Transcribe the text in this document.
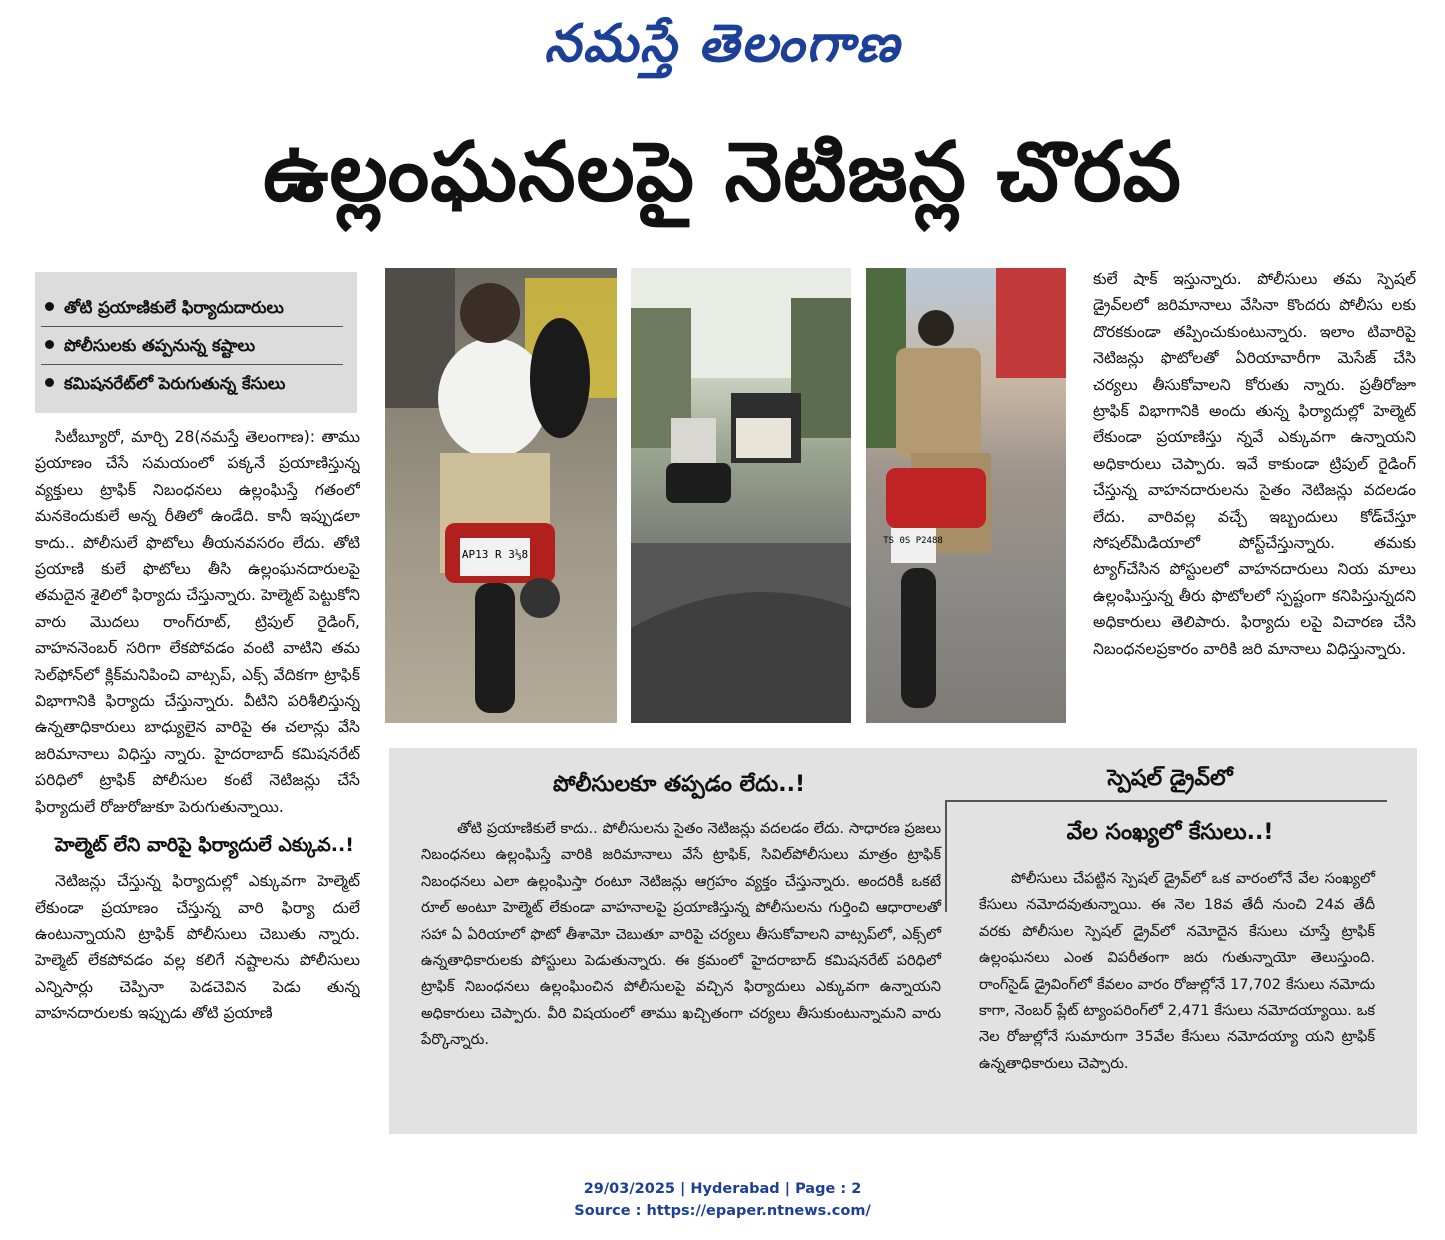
నమస్తే తెలంగాణ
ఉల్లంఘనలపై నెటిజన్ల చొరవ
తోటి ప్రయాణికులే ఫిర్యాదుదారులు
పోలీసులకు తప్పనున్న కష్టాలు
కమిషనరేట్‌లో పెరుగుతున్న కేసులు

సిటీబ్యూరో, మార్చి 28(నమస్తే తెలంగాణ): తాము ప్రయాణం చేసే సమయంలో పక్కనే ప్రయాణిస్తున్న వ్యక్తులు ట్రాఫిక్ నిబంధనలు ఉల్లంఘిస్తే గతంలో మనకెందుకులే అన్న రీతిలో ఉండేది. కానీ ఇప్పుడలా కాదు.. పోలీసులే ఫొటోలు తీయనవసరం లేదు. తోటి ప్రయాణి కులే ఫొటోలు తీసి ఉల్లంఘనదారులపై తమదైన శైలిలో ఫిర్యాదు చేస్తున్నారు. హెల్మెట్ పెట్టుకోని వారు మొదలు రాంగ్‌రూట్, ట్రిపుల్ రైడింగ్, వాహననెంబర్ సరిగా లేకపోవడం వంటి వాటిని తమ సెల్‌ఫోన్‌లో క్లిక్‌మనిపించి వాట్సప్, ఎక్స్ వేదికగా ట్రాఫిక్ విభాగానికి ఫిర్యాదు చేస్తున్నారు. వీటిని పరిశీలిస్తున్న ఉన్నతాధికారులు బాధ్యులైన వారిపై ఈ చలాన్లు వేసి జరిమానాలు విధిస్తు న్నారు. హైదరాబాద్ కమిషనరేట్ పరిధిలో ట్రాఫిక్ పోలీసుల కంటే నెటిజన్లు చేసే ఫిర్యాదులే రోజురోజుకూ పెరుగుతున్నాయి.

హెల్మెట్ లేని వారిపై ఫిర్యాదులే ఎక్కువ..!

నెటిజన్లు చేస్తున్న ఫిర్యాదుల్లో ఎక్కువగా హెల్మెట్ లేకుండా ప్రయాణం చేస్తున్న వారి ఫిర్యా దులే ఉంటున్నాయని ట్రాఫిక్ పోలీసులు చెబుతు న్నారు. హెల్మెట్ లేకపోవడం వల్ల కలిగే నష్టాలను పోలీసులు ఎన్నిసార్లు చెప్పినా పెడచెవిన పెడు తున్న వాహనదారులకు ఇప్పుడు తోటి ప్రయాణి

AP13 R 3⅓8
TS 0S P2488

కులే షాక్ ఇస్తున్నారు. పోలీసులు తమ స్పెషల్ డ్రైవ్‌లలో జరిమానాలు వేసినా కొందరు పోలీసు లకు దొరకకుండా తప్పించుకుంటున్నారు. ఇలాం టివారిపై నెటిజన్లు ఫొటోలతో ఏరియావారీగా మెసేజ్ చేసి చర్యలు తీసుకోవాలని కోరుతు న్నారు. ప్రతీరోజూ ట్రాఫిక్ విభాగానికి అందు తున్న ఫిర్యాదుల్లో హెల్మెట్ లేకుండా ప్రయాణిస్తు న్నవే ఎక్కువగా ఉన్నాయని అధికారులు చెప్పారు. ఇవే కాకుండా ట్రిపుల్ రైడింగ్ చేస్తున్న వాహనదారులను సైతం నెటిజన్లు వదలడం లేదు. వారివల్ల వచ్చే ఇబ్బందులు కోడ్‌చేస్తూ సోషల్‌మీడియాలో పోస్ట్‌చేస్తున్నారు. తమకు ట్యాగ్‌చేసిన పోస్టులలో వాహనదారులు నియ మాలు ఉల్లంఘిస్తున్న తీరు ఫొటోలలో స్పష్టంగా కనిపిస్తున్నదని అధికారులు తెలిపారు. ఫిర్యాదు లపై విచారణ చేసి నిబంధనలప్రకారం వారికి జరి మానాలు విధిస్తున్నారు.

పోలీసులకూ తప్పడం లేదు..!

తోటి ప్రయాణికులే కాదు.. పోలీసులను సైతం నెటిజన్లు వదలడం లేదు. సాధారణ ప్రజలు నిబంధనలు ఉల్లంఘిస్తే వారికి జరిమానాలు వేసే ట్రాఫిక్, సివిల్‌పోలీసులు మాత్రం ట్రాఫిక్ నిబంధనలు ఎలా ఉల్లంఘిస్తా రంటూ నెటిజన్లు ఆగ్రహం వ్యక్తం చేస్తున్నారు. అందరికీ ఒకటే రూల్ అంటూ హెల్మెట్ లేకుండా వాహనాలపై ప్రయాణిస్తున్న పోలీసులను గుర్తించి ఆధారాలతో సహా ఏ ఏరియాలో ఫొటో తీశామో చెబుతూ వారిపై చర్యలు తీసుకోవాలని వాట్సప్‌లో, ఎక్స్‌లో ఉన్నతాధికారులకు పోస్టులు పెడుతున్నారు. ఈ క్రమంలో హైదరాబాద్ కమిషనరేట్ పరిధిలో ట్రాఫిక్ నిబంధనలు ఉల్లంఘించిన పోలీసులపై వచ్చిన ఫిర్యాదులు ఎక్కువగా ఉన్నాయని అధికారులు చెప్పారు. వీరి విషయంలో తాము ఖచ్చితంగా చర్యలు తీసుకుంటున్నామని వారు పేర్కొన్నారు.

స్పెషల్ డ్రైవ్‌లో
వేల సంఖ్యలో కేసులు..!

పోలీసులు చేపట్టిన స్పెషల్ డ్రైవ్‌లో ఒక వారంలోనే వేల సంఖ్యలో కేసులు నమోదవుతున్నాయి. ఈ నెల 18వ తేదీ నుంచి 24వ తేదీ వరకు పోలీసుల స్పెషల్ డ్రైవ్‌లో నమోదైన కేసులు చూస్తే ట్రాఫిక్ ఉల్లంఘనలు ఎంత విపరీతంగా జరు గుతున్నాయో తెలుస్తుంది. రాంగ్‌సైడ్ డ్రైవింగ్‌లో కేవలం వారం రోజుల్లోనే 17,702 కేసులు నమోదు కాగా, నెంబర్ ప్లేట్ ట్యాంపరింగ్‌లో 2,471 కేసులు నమోదయ్యాయి. ఒక నెల రోజుల్లోనే సుమారుగా 35వేల కేసులు నమోదయ్యా యని ట్రాఫిక్ ఉన్నతాధికారులు చెప్పారు.

29/03/2025 | Hyderabad | Page : 2
Source : https://epaper.ntnews.com/
